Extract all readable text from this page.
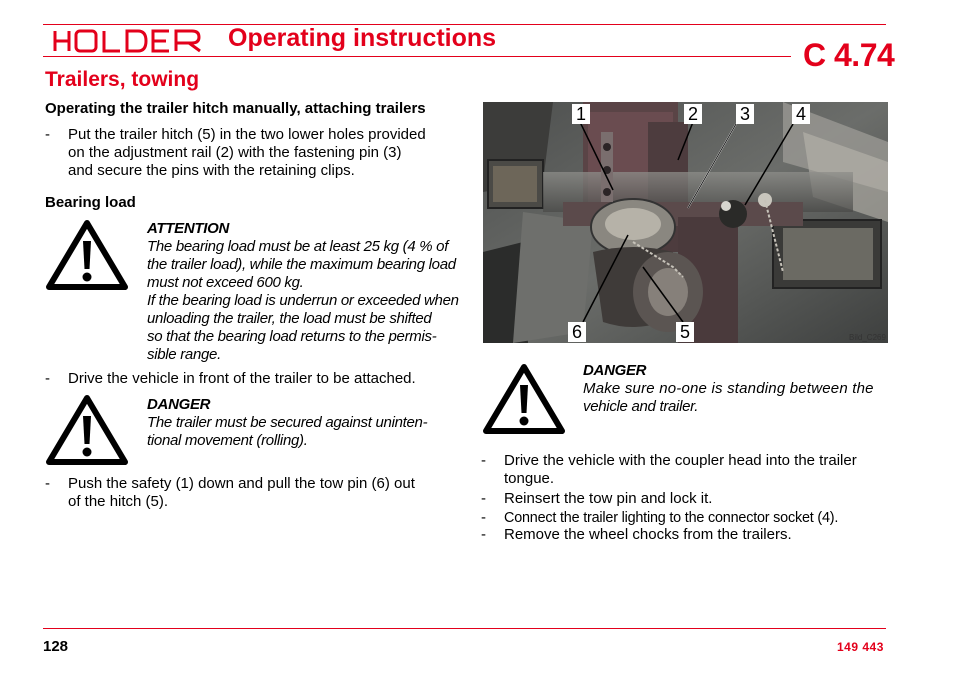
Operating instructions	C 4.74
Trailers, towing
Operating the trailer hitch manually, attaching trailers
- Put the trailer hitch (5) in the two lower holes provided
on the adjustment rail (2) with the fastening pin (3)
and secure the pins with the retaining clips.
Bearing load
ATTENTION
The bearing load must be at least 25 kg (4 % of
the trailer load), while the maximum bearing load
must not exceed 600 kg.
If the bearing load is underrun or exceeded when
unloading the trailer, the load must be shifted
so that the bearing load returns to the permis-
sible range.
- Drive the vehicle in front of the trailer to be attached.
DANGER
The trailer must be secured against uninten-
tional movement (rolling).
- Push the safety (1) down and pull the tow pin (6) out
of the hitch (5).
1	2 3	4
5
6	Bild_C269
DANGER
Make sure no-one is standing between the
vehicle and trailer.
- Drive the vehicle with the coupler head into the trailer
tongue.
- Reinsert the tow pin and lock it.
- Connect the trailer lighting to the connector socket (4).
- Remove the wheel chocks from the trailers.
128	149 443
